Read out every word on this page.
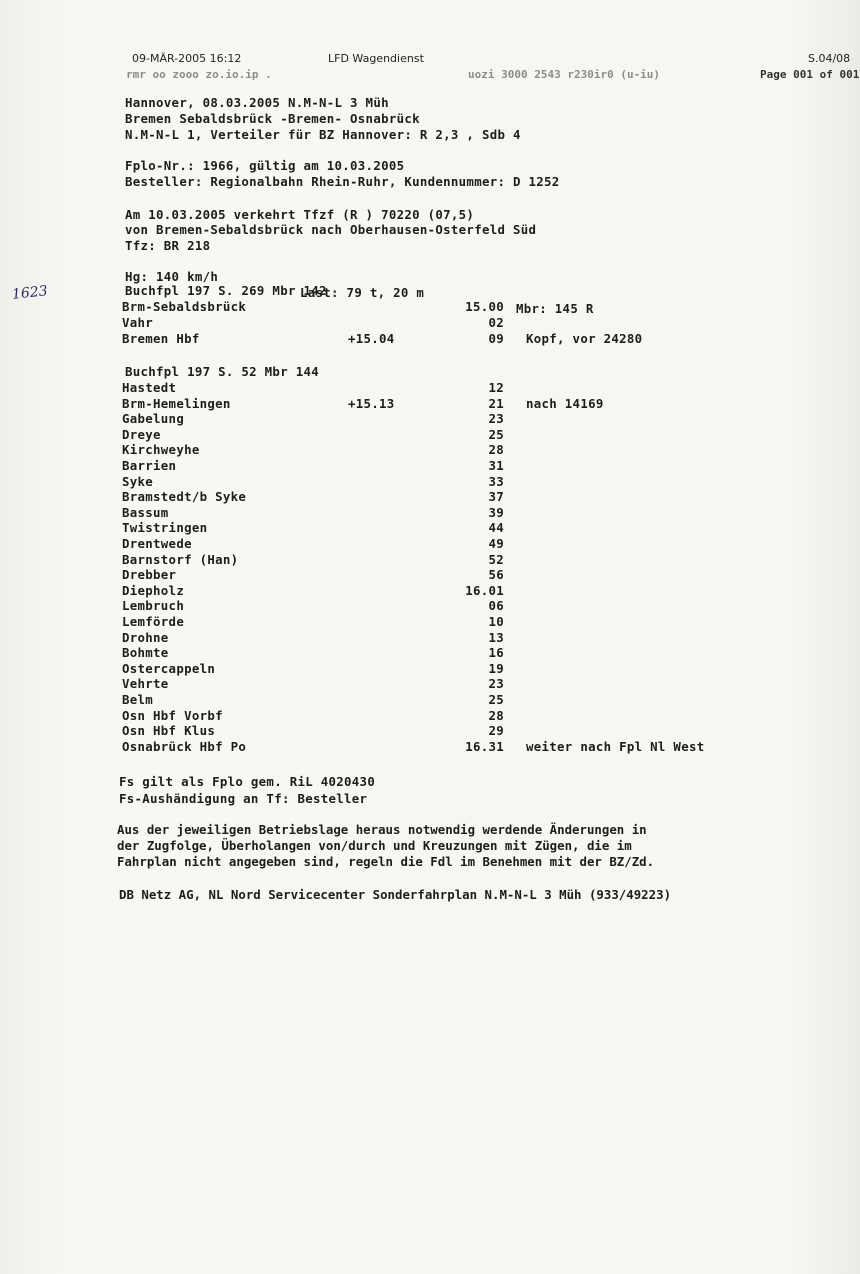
09-MÄR-2005 16:12	LFD Wagendienst	S.04/08
rmr oo zooo zo.io.ip .	uozi 3000 2543 r230ir0 (u-iu)	Page 001 of 001
1623
Hannover, 08.03.2005 N.M-N-L 3 Müh
Bremen Sebaldsbrück -Bremen- Osnabrück
N.M-N-L 1, Verteiler für BZ Hannover: R 2,3 , Sdb 4
Fplo-Nr.: 1966, gültig am 10.03.2005
Besteller: Regionalbahn Rhein-Ruhr, Kundennummer: D 1252
Am 10.03.2005 verkehrt Tfzf (R ) 70220 (07,5)
von Bremen-Sebaldsbrück nach Oberhausen-Osterfeld Süd
Tfz: BR 218

Hg: 140 km/h

Last: 79 t, 20 m

Mbr: 145 R

Buchfpl 197 S. 269 Mbr 142
Brm-Sebaldsbrück	15.00
Vahr	02
Bremen Hbf	+15.04	09 Kopf, vor 24280
Buchfpl 197 S. 52 Mbr 144
Hastedt	12
Brm-Hemelingen	+15.13	21 nach 14169
Gabelung	23
Dreye	25
Kirchweyhe	28
Barrien	31
Syke	33
Bramstedt/b Syke	37
Bassum	39
Twistringen	44
Drentwede	49
Barnstorf (Han)	52
Drebber	56
Diepholz	16.01
Lembruch	06
Lemförde	10
Drohne	13
Bohmte	16
Ostercappeln	19
Vehrte	23
Belm	25
Osn Hbf Vorbf	28
Osn Hbf Klus	29
Osnabrück Hbf Po	16.31 weiter nach Fpl Nl West
Fs gilt als Fplo gem. RiL 4020430
Fs-Aushändigung an Tf: Besteller
Aus der jeweiligen Betriebslage heraus notwendig werdende Änderungen in
der Zugfolge, Überholangen von/durch und Kreuzungen mit Zügen, die im
Fahrplan nicht angegeben sind, regeln die Fdl im Benehmen mit der BZ/Zd.
DB Netz AG, NL Nord Servicecenter Sonderfahrplan N.M-N-L 3 Müh (933/49223)
